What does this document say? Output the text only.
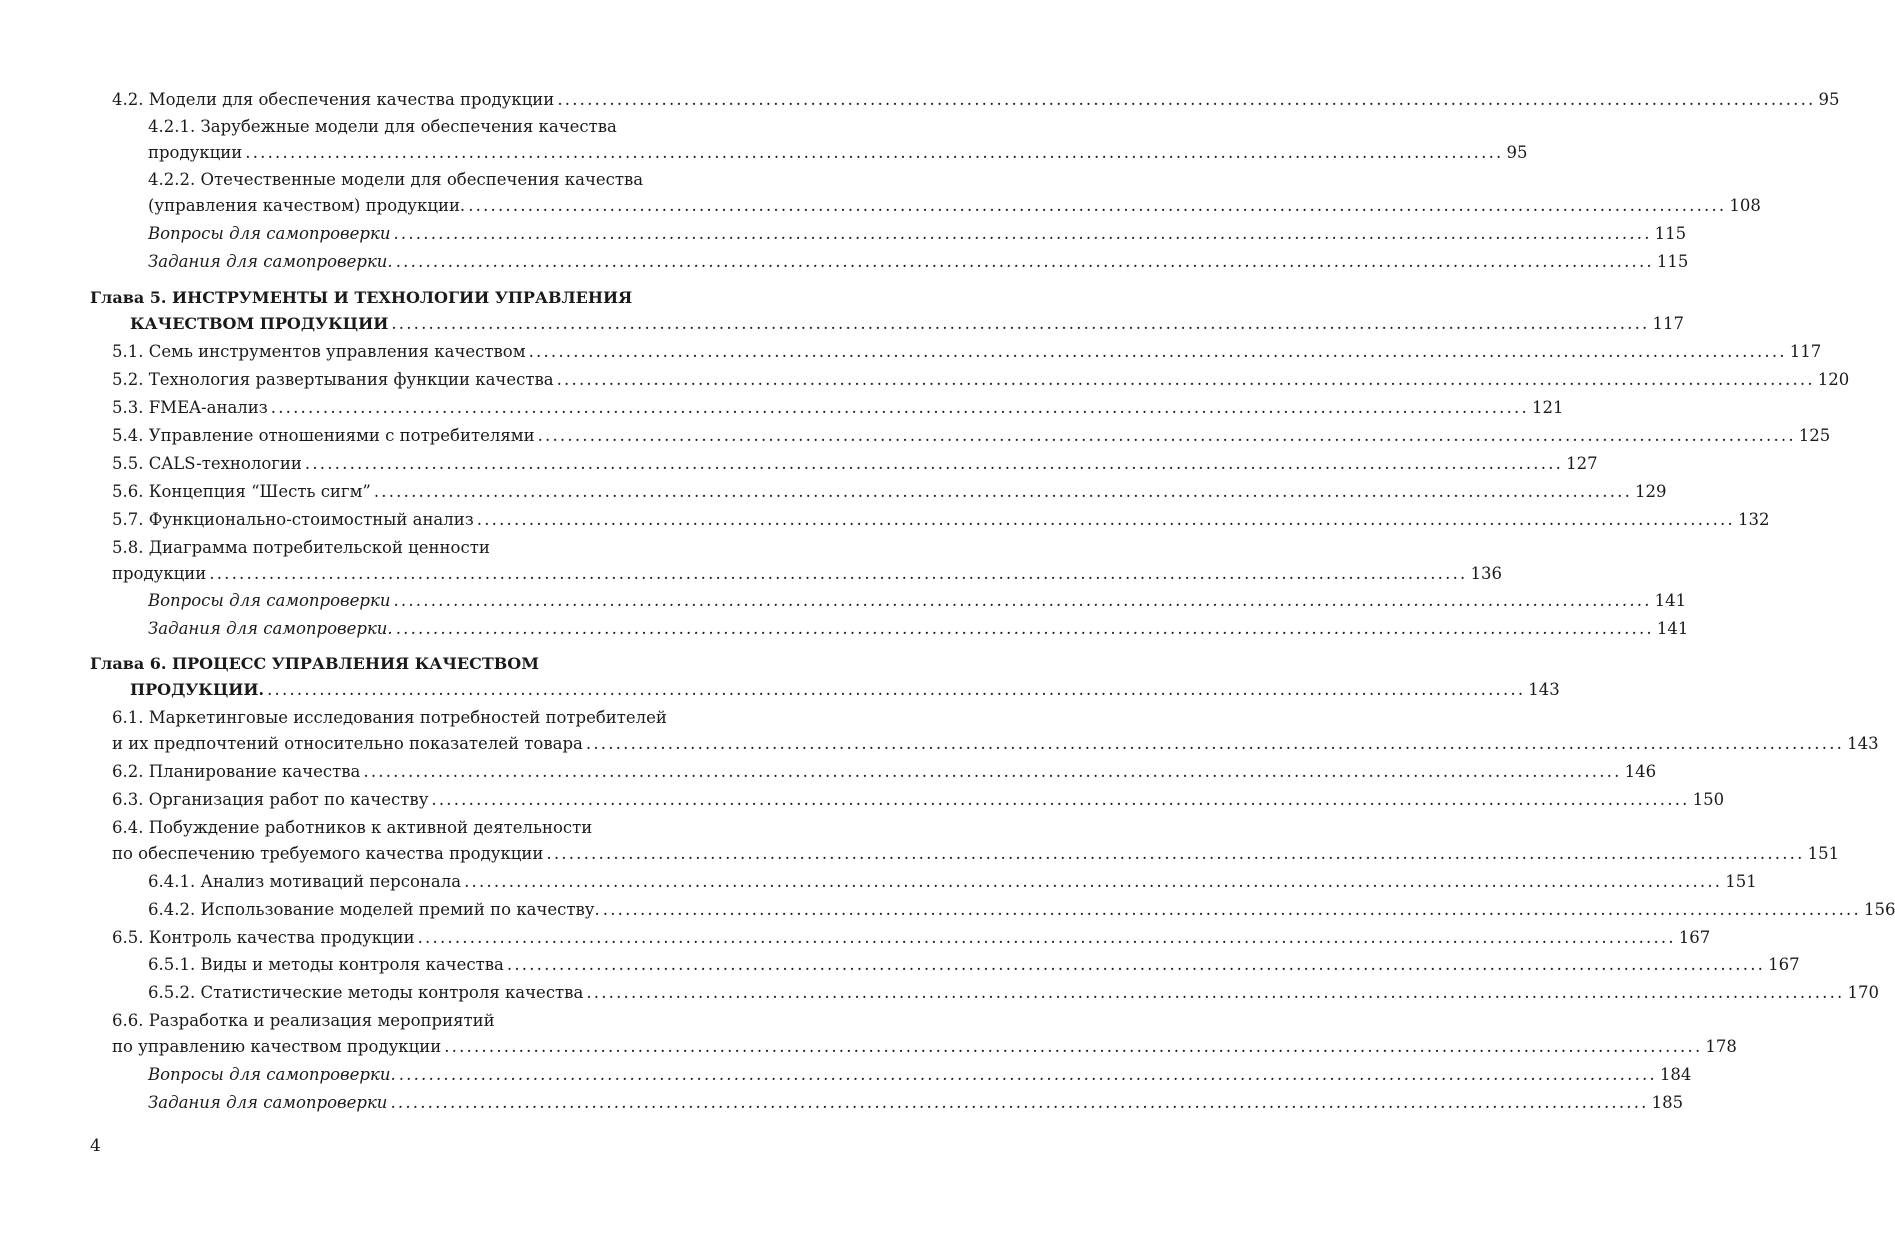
4.2. Модели для обеспечения качества продукции .....	95
4.2.1. Зарубежные модели для обеспечения качества
продукции .....	95
4.2.2. Отечественные модели для обеспечения качества
(управления качеством) продукции. .....	108
Вопросы для самопроверки .....	115
Задания для самопроверки. .....	115
Глава 5. ИНСТРУМЕНТЫ И ТЕХНОЛОГИИ УПРАВЛЕНИЯ
КАЧЕСТВОМ ПРОДУКЦИИ .....	117
5.1. Семь инструментов управления качеством .....	117
5.2. Технология развертывания функции качества .....	120
5.3. FMEA-анализ .....	121
5.4. Управление отношениями с потребителями .....	125
5.5. CALS-технологии .....	127
5.6. Концепция “Шесть сигм” .....	129
5.7. Функционально-стоимостный анализ .....	132
5.8. Диаграмма потребительской ценности
продукции .....	136
Вопросы для самопроверки .....	141
Задания для самопроверки. .....	141
Глава 6. ПРОЦЕСС УПРАВЛЕНИЯ КАЧЕСТВОМ
ПРОДУКЦИИ. .....	143
6.1. Маркетинговые исследования потребностей потребителей
и их предпочтений относительно показателей товара .....	143
6.2. Планирование качества .....	146
6.3. Организация работ по качеству .....	150
6.4. Побуждение работников к активной деятельности
по обеспечению требуемого качества продукции .....	151
6.4.1. Анализ мотиваций персонала .....	151
6.4.2. Использование моделей премий по качеству. .....	156
6.5. Контроль качества продукции .....	167
6.5.1. Виды и методы контроля качества .....	167
6.5.2. Статистические методы контроля качества .....	170
6.6. Разработка и реализация мероприятий
по управлению качеством продукции .....	178
Вопросы для самопроверки. .....	184
Задания для самопроверки .....	185
4
